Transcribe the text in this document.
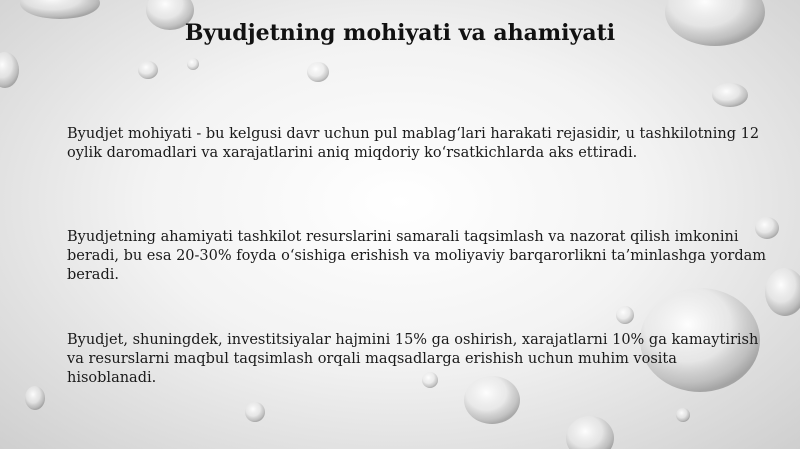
Byudjetning mohiyati va ahamiyati
Byudjet mohiyati - bu kelgusi davr uchun pul mablag‘lari harakati rejasidir, u tashkilotning 12 oylik daromadlari va xarajatlarini aniq miqdoriy ko‘rsatkichlarda aks ettiradi.
Byudjetning ahamiyati tashkilot resurslarini samarali taqsimlash va nazorat qilish imkonini beradi, bu esa 20-30% foyda o‘sishiga erishish va moliyaviy barqarorlikni ta’minlashga yordam beradi.
Byudjet, shuningdek, investitsiyalar hajmini 15% ga oshirish, xarajatlarni 10% ga kamaytirish va resurslarni maqbul taqsimlash orqali maqsadlarga erishish uchun muhim vosita hisoblanadi.
